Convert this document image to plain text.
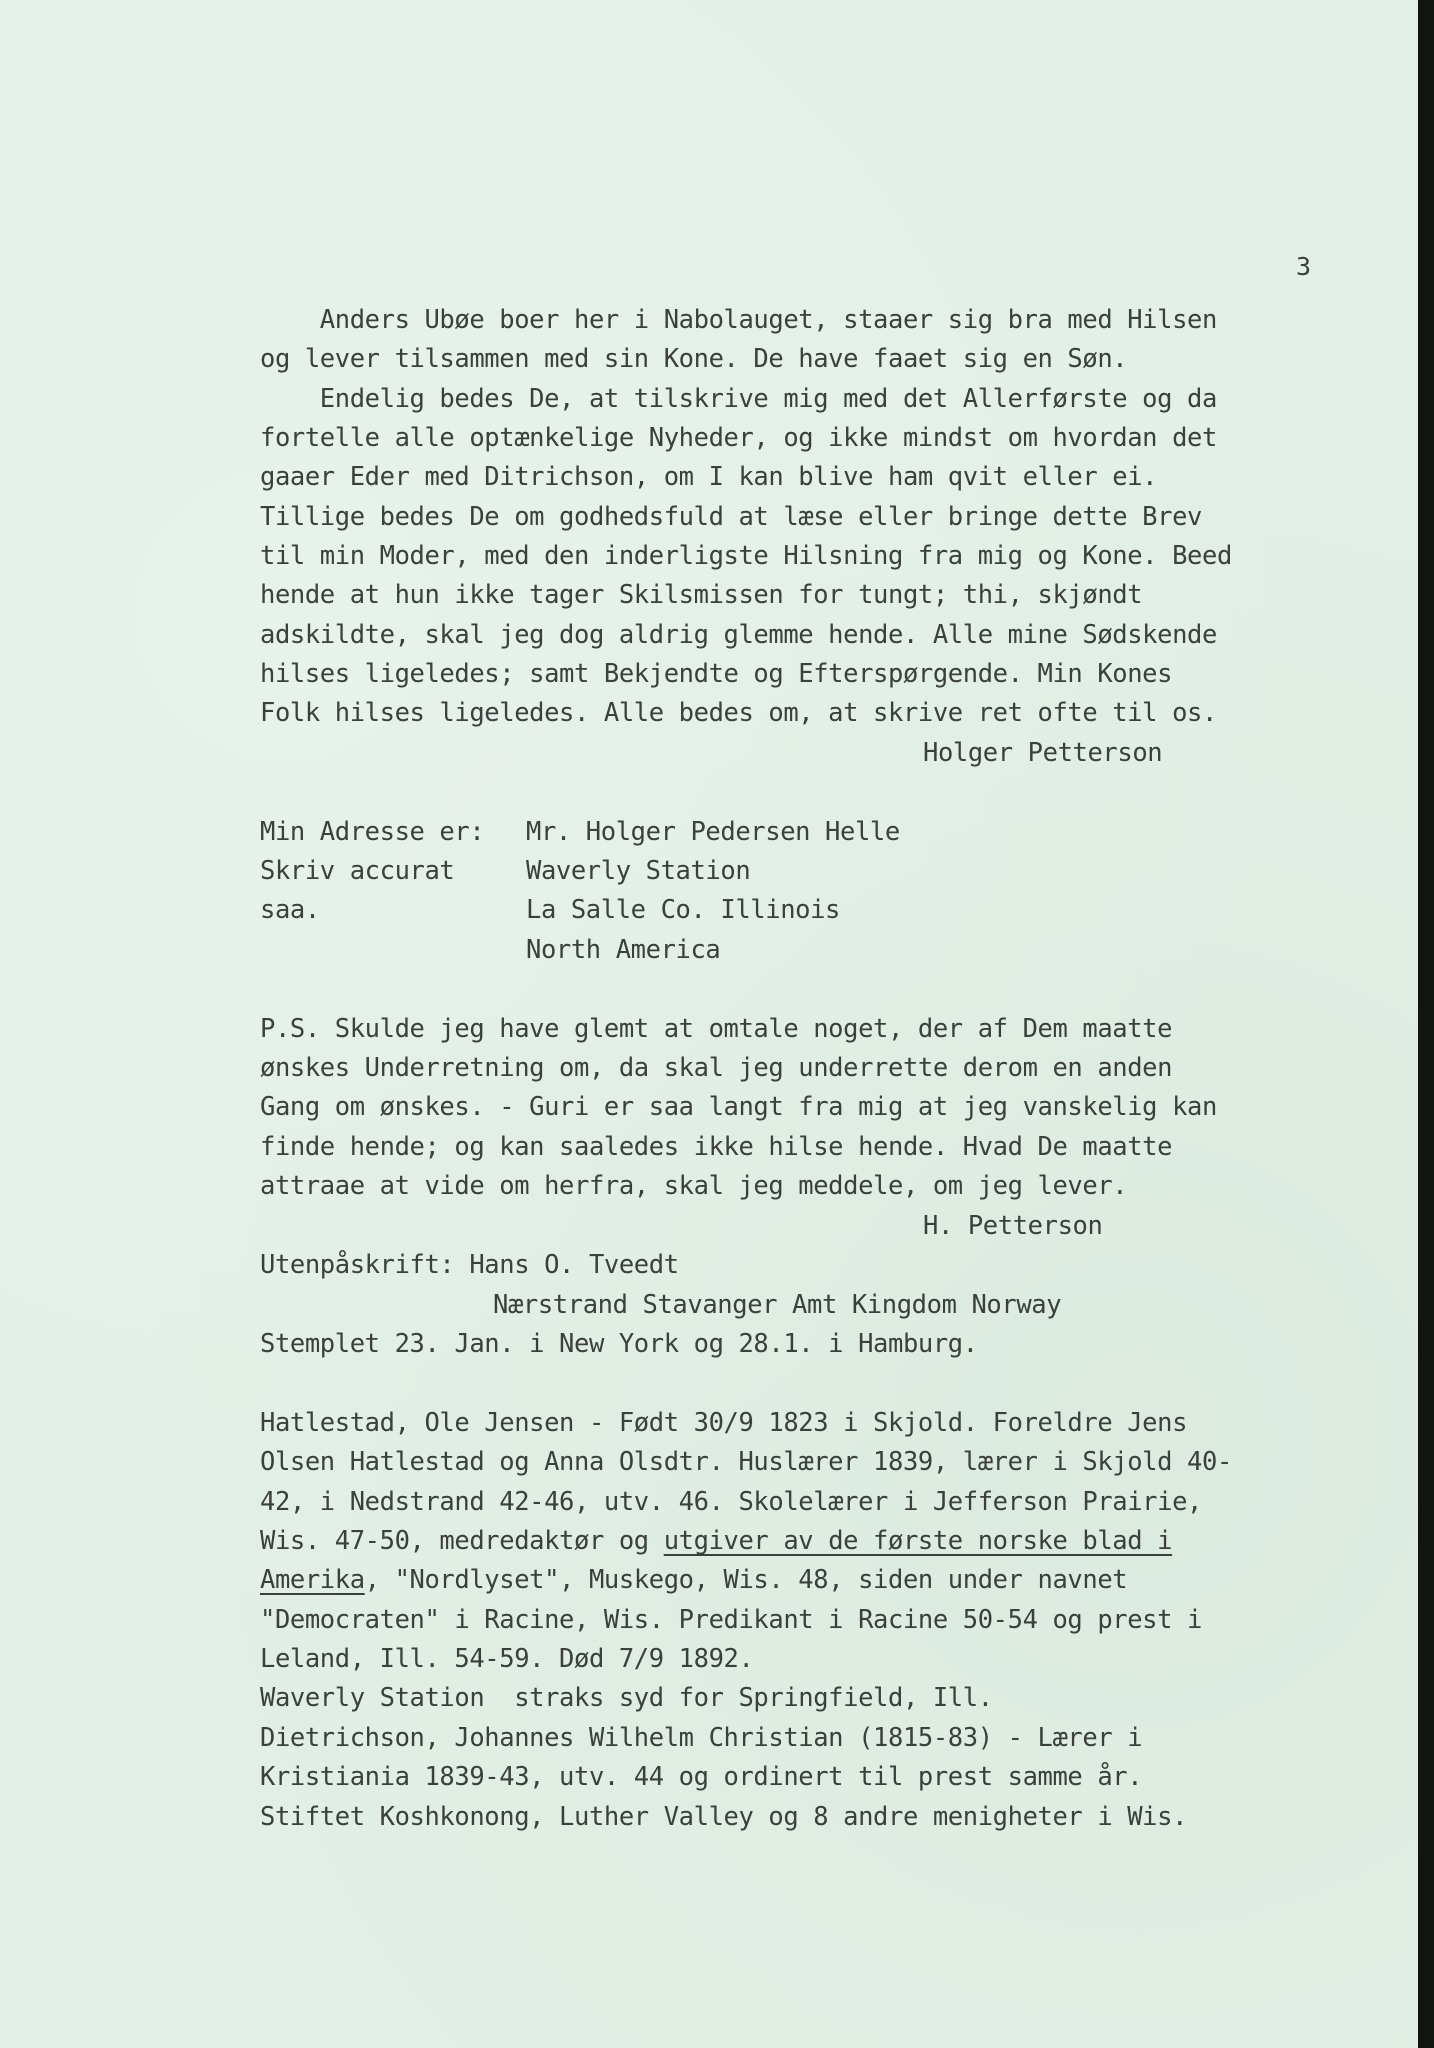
3
Anders Ubøe boer her i Nabolauget, staaer sig bra med Hilsen
og lever tilsammen med sin Kone. De have faaet sig en Søn.
Endelig bedes De, at tilskrive mig med det Allerførste og da
fortelle alle optænkelige Nyheder, og ikke mindst om hvordan det
gaaer Eder med Ditrichson, om I kan blive ham qvit eller ei.
Tillige bedes De om godhedsfuld at læse eller bringe dette Brev
til min Moder, med den inderligste Hilsning fra mig og Kone. Beed
hende at hun ikke tager Skilsmissen for tungt; thi, skjøndt
adskildte, skal jeg dog aldrig glemme hende. Alle mine Sødskende
hilses ligeledes; samt Bekjendte og Efterspørgende. Min Kones
Folk hilses ligeledes. Alle bedes om, at skrive ret ofte til os.
Holger Petterson
Min Adresse er: Mr. Holger Pedersen Helle
Skriv accurat	Waverly Station
saa.	La Salle Co. Illinois
North America
P.S. Skulde jeg have glemt at omtale noget, der af Dem maatte
ønskes Underretning om, da skal jeg underrette derom en anden
Gang om ønskes. - Guri er saa langt fra mig at jeg vanskelig kan
finde hende; og kan saaledes ikke hilse hende. Hvad De maatte
attraae at vide om herfra, skal jeg meddele, om jeg lever.
H. Petterson
Utenpåskrift: Hans O. Tveedt
Nærstrand Stavanger Amt Kingdom Norway
Stemplet 23. Jan. i New York og 28.1. i Hamburg.
Hatlestad, Ole Jensen - Født 30/9 1823 i Skjold. Foreldre Jens
Olsen Hatlestad og Anna Olsdtr. Huslærer 1839, lærer i Skjold 40-
42, i Nedstrand 42-46, utv. 46. Skolelærer i Jefferson Prairie,
Wis. 47-50, medredaktør og utgiver av de første norske blad i
Amerika, "Nordlyset", Muskego, Wis. 48, siden under navnet
"Democraten" i Racine, Wis. Predikant i Racine 50-54 og prest i
Leland, Ill. 54-59. Død 7/9 1892.
Waverly Station  straks syd for Springfield, Ill.
Dietrichson, Johannes Wilhelm Christian (1815-83) - Lærer i
Kristiania 1839-43, utv. 44 og ordinert til prest samme år.
Stiftet Koshkonong, Luther Valley og 8 andre menigheter i Wis.
